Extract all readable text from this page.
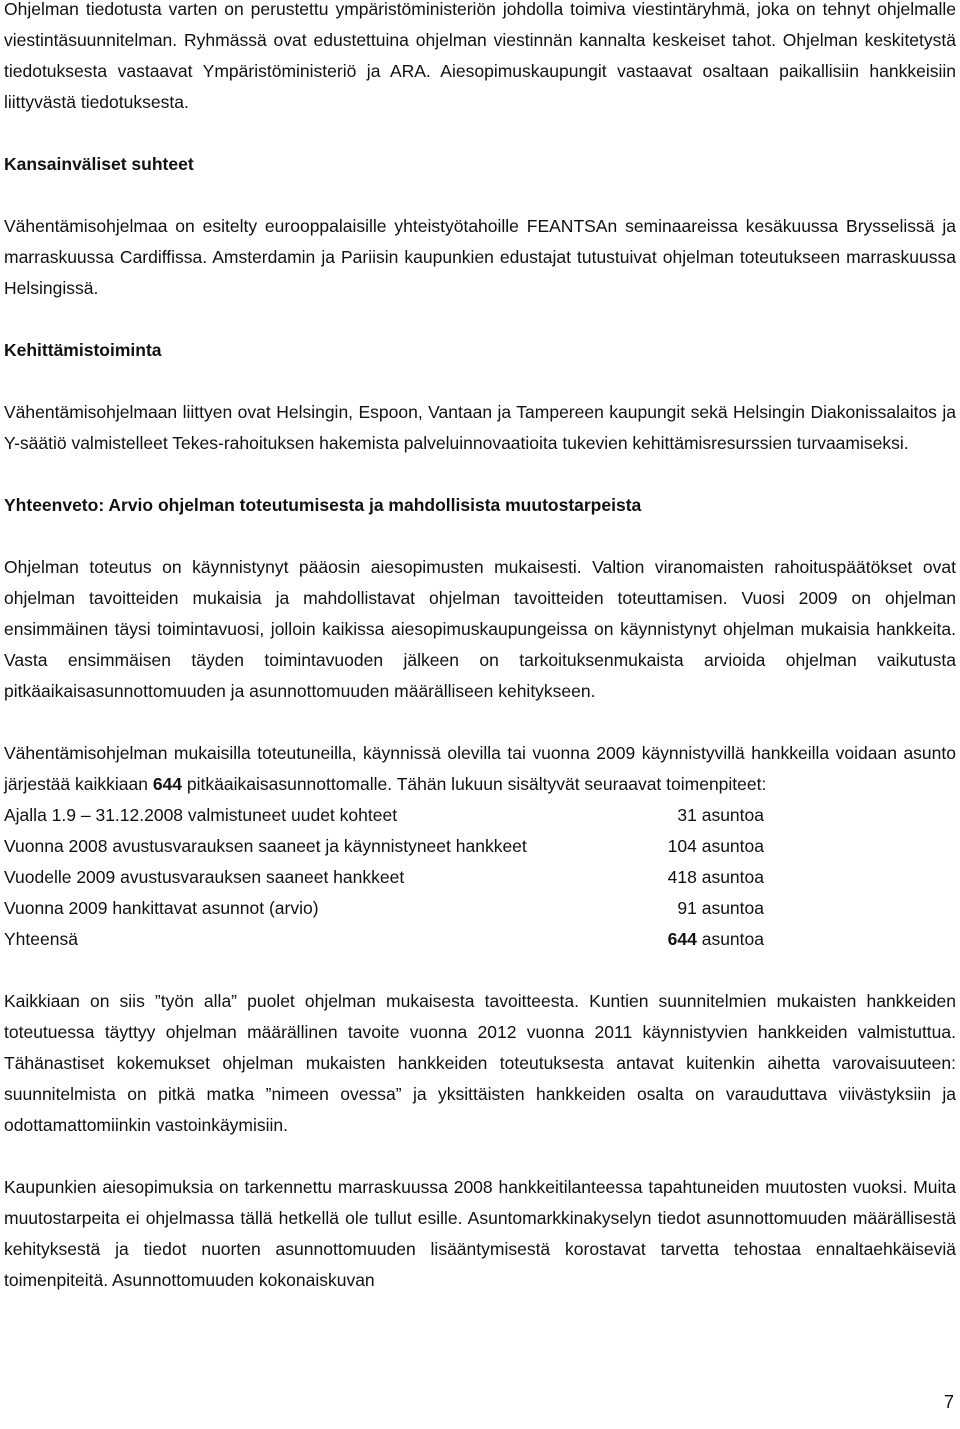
Ohjelman tiedotusta varten on perustettu ympäristöministeriön johdolla toimiva viestintäryhmä, joka on tehnyt ohjelmalle viestintäsuunnitelman. Ryhmässä ovat edustettuina ohjelman viestinnän kannalta keskeiset tahot. Ohjelman keskitetystä tiedotuksesta vastaavat Ympäristöministeriö ja ARA. Aiesopimuskaupungit vastaavat osaltaan paikallisiin hankkeisiin liittyvästä tiedotuksesta.

Kansainväliset suhteet

Vähentämisohjelmaa on esitelty eurooppalaisille yhteistyötahoille FEANTSAn seminaareissa kesäkuussa Brysselissä ja marraskuussa Cardiffissa. Amsterdamin ja Pariisin kaupunkien edustajat tutustuivat ohjelman toteutukseen marraskuussa Helsingissä.

Kehittämistoiminta

Vähentämisohjelmaan liittyen ovat Helsingin, Espoon, Vantaan ja Tampereen kaupungit sekä Helsingin Diakonissalaitos ja Y-säätiö valmistelleet Tekes-rahoituksen hakemista palveluinnovaatioita tukevien kehittämisresurssien turvaamiseksi.

Yhteenveto: Arvio ohjelman toteutumisesta ja mahdollisista muutostarpeista

Ohjelman toteutus on käynnistynyt pääosin aiesopimusten mukaisesti. Valtion viranomaisten rahoituspäätökset ovat ohjelman tavoitteiden mukaisia ja mahdollistavat ohjelman tavoitteiden toteuttamisen. Vuosi 2009 on ohjelman ensimmäinen täysi toimintavuosi, jolloin kaikissa aiesopimuskaupungeissa on käynnistynyt ohjelman mukaisia hankkeita. Vasta ensimmäisen täyden toimintavuoden jälkeen on tarkoituksenmukaista arvioida ohjelman vaikutusta pitkäaikaisasunnottomuuden ja asunnottomuuden määrälliseen kehitykseen.

Vähentämisohjelman mukaisilla toteutuneilla, käynnissä olevilla tai vuonna 2009 käynnistyvillä hankkeilla voidaan asunto järjestää kaikkiaan 644 pitkäaikaisasunnottomalle. Tähän lukuun sisältyvät seuraavat toimenpiteet:

Ajalla 1.9 – 31.12.2008 valmistuneet uudet kohteet	31 asuntoa
Vuonna 2008 avustusvarauksen saaneet ja käynnistyneet hankkeet	104 asuntoa
Vuodelle 2009 avustusvarauksen saaneet hankkeet	418 asuntoa
Vuonna 2009 hankittavat asunnot (arvio)	91 asuntoa
Yhteensä	644 asuntoa

Kaikkiaan on siis ”työn alla” puolet ohjelman mukaisesta tavoitteesta. Kuntien suunnitelmien mukaisten hankkeiden toteutuessa täyttyy ohjelman määrällinen tavoite vuonna 2012 vuonna 2011 käynnistyvien hankkeiden valmistuttua. Tähänastiset kokemukset ohjelman mukaisten hankkeiden toteutuksesta antavat kuitenkin aihetta varovaisuuteen: suunnitelmista on pitkä matka ”nimeen ovessa” ja yksittäisten hankkeiden osalta on varauduttava viivästyksiin ja odottamattomiinkin vastoinkäymisiin.

Kaupunkien aiesopimuksia on tarkennettu marraskuussa 2008 hankkeitilanteessa tapahtuneiden muutosten vuoksi. Muita muutostarpeita ei ohjelmassa tällä hetkellä ole tullut esille. Asuntomarkkinakyselyn tiedot asunnottomuuden määrällisestä kehityksestä ja tiedot nuorten asunnottomuuden lisääntymisestä korostavat tarvetta tehostaa ennaltaehkäiseviä toimenpiteitä. Asunnottomuuden kokonaiskuvan

7
